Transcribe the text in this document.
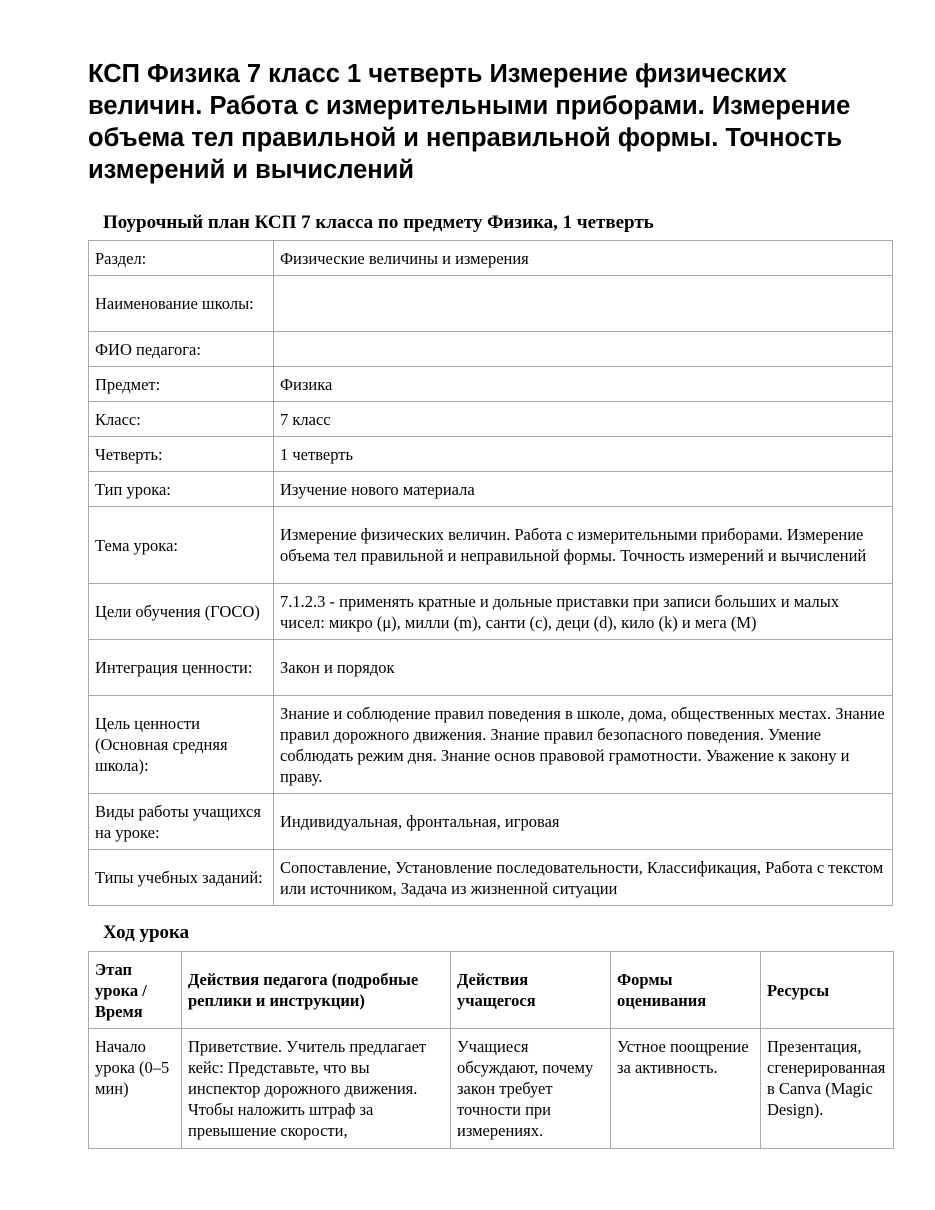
КСП Физика 7 класс 1 четверть Измерение физических величин. Работа с измерительными приборами. Измерение объема тел правильной и неправильной формы. Точность измерений и вычислений
Поурочный план КСП 7 класса по предмету Физика, 1 четверть
Раздел:	Физические величины и измерения
Наименование школы:	
ФИО педагога:	
Предмет:	Физика
Класс:	7 класс
Четверть:	1 четверть
Тип урока:	Изучение нового материала
Тема урока:	Измерение физических величин. Работа с измерительными приборами. Измерение объема тел правильной и неправильной формы. Точность измерений и вычислений
Цели обучения (ГОСО)	7.1.2.3 - применять кратные и дольные приставки при записи больших и малых чисел: микро (μ), милли (m), санти (c), деци (d), кило (k) и мега (M)
Интеграция ценности:	Закон и порядок
Цель ценности (Основная средняя школа):	Знание и соблюдение правил поведения в школе, дома, общественных местах. Знание правил дорожного движения. Знание правил безопасного поведения. Умение соблюдать режим дня. Знание основ правовой грамотности. Уважение к закону и праву.
Виды работы учащихся на уроке:	Индивидуальная, фронтальная, игровая
Типы учебных заданий:	Сопоставление, Установление последовательности, Классификация, Работа с текстом или источником, Задача из жизненной ситуации
Ход урока
Этап урока / Время	Действия педагога (подробные реплики и инструкции)	Действия учащегося	Формы оценивания	Ресурсы
Начало урока (0–5 мин)	Приветствие. Учитель предлагает кейс: Представьте, что вы инспектор дорожного движения. Чтобы наложить штраф за превышение скорости,	Учащиеся обсуждают, почему закон требует точности при измерениях.	Устное поощрение за активность.	Презентация, сгенерированная в Canva (Magic Design).
